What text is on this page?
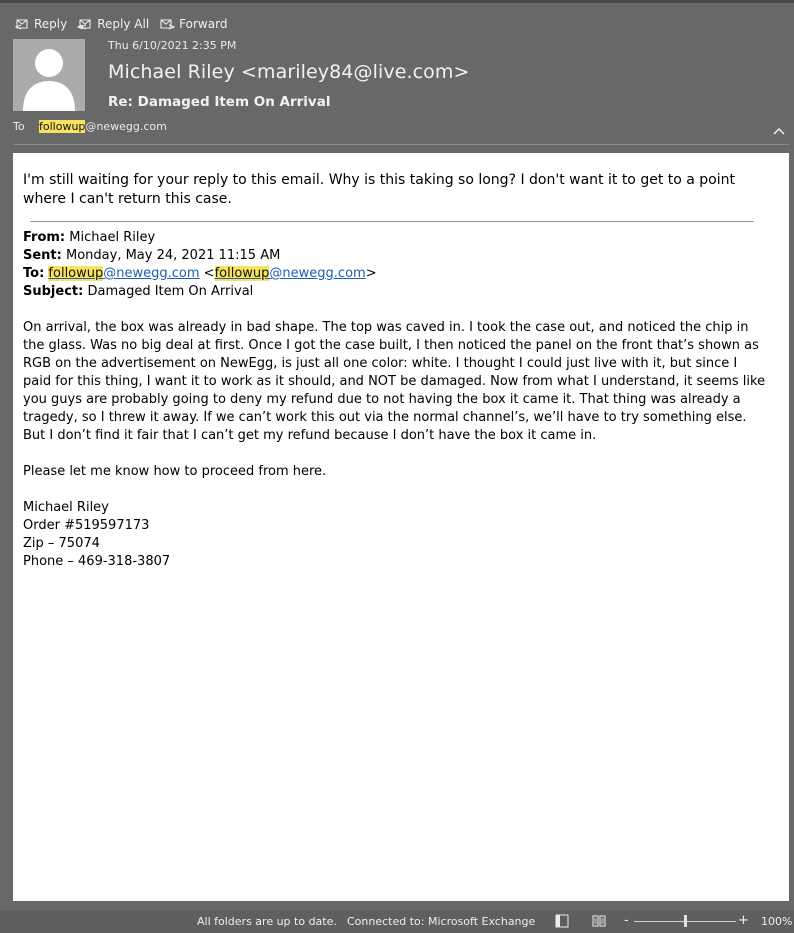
Reply	Reply All	Forward
Thu 6/10/2021 2:35 PM
Michael Riley <mariley84@live.com>
Re: Damaged Item On Arrival
To	followup@newegg.com
I'm still waiting for your reply to this email. Why is this taking so long? I don't want it to get to a point where I can't return this case.
From: Michael Riley
Sent: Monday, May 24, 2021 11:15 AM
To: followup@newegg.com <followup@newegg.com>
Subject: Damaged Item On Arrival
On arrival, the box was already in bad shape. The top was caved in. I took the case out, and noticed the chip in the glass. Was no big deal at first. Once I got the case built, I then noticed the panel on the front that’s shown as RGB on the advertisement on NewEgg, is just all one color: white. I thought I could just live with it, but since I paid for this thing, I want it to work as it should, and NOT be damaged. Now from what I understand, it seems like you guys are probably going to deny my refund due to not having the box it came it. That thing was already a tragedy, so I threw it away. If we can’t work this out via the normal channel’s, we’ll have to try something else. But I don’t find it fair that I can’t get my refund because I don’t have the box it came in.
Please let me know how to proceed from here.
Michael Riley
Order #519597173
Zip – 75074
Phone – 469-318-3807
All folders are up to date. Connected to: Microsoft Exchange	-	+ 100%
